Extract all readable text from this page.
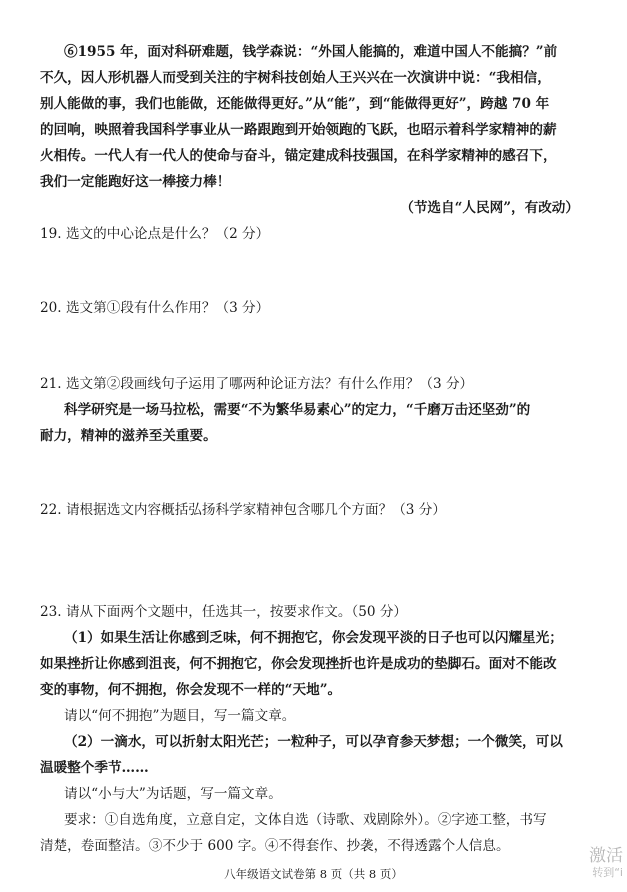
⑥1955 年，面对科研难题，钱学森说：“外国人能搞的，难道中国人不能搞？”前
不久，因人形机器人而受到关注的宇树科技创始人王兴兴在一次演讲中说：“我相信，
别人能做的事，我们也能做，还能做得更好。”从“能”，到“能做得更好”，跨越 70 年
的回响，映照着我国科学事业从一路跟跑到开始领跑的飞跃，也昭示着科学家精神的薪
火相传。一代人有一代人的使命与奋斗，锚定建成科技强国，在科学家精神的感召下，
我们一定能跑好这一棒接力棒！
（节选自“人民网”，有改动）
19. 选文的中心论点是什么？（2 分）
20. 选文第①段有什么作用？（3 分）
21. 选文第②段画线句子运用了哪两种论证方法？有什么作用？（3 分）
科学研究是一场马拉松，需要“不为繁华易素心”的定力，“千磨万击还坚劲”的
耐力，精神的滋养至关重要。
22. 请根据选文内容概括弘扬科学家精神包含哪几个方面？（3 分）
23. 请从下面两个文题中，任选其一，按要求作文。（50 分）
（1）如果生活让你感到乏味，何不拥抱它，你会发现平淡的日子也可以闪耀星光；
如果挫折让你感到沮丧，何不拥抱它，你会发现挫折也许是成功的垫脚石。面对不能改
变的事物，何不拥抱，你会发现不一样的“天地”。
请以“何不拥抱”为题目，写一篇文章。
（2）一滴水，可以折射太阳光芒；一粒种子，可以孕育参天梦想；一个微笑，可以
温暖整个季节……
请以“小与大”为话题，写一篇文章。
要求：①自选角度，立意自定，文体自选（诗歌、戏剧除外）。②字迹工整，书写
清楚，卷面整洁。③不少于 600 字。④不得套作、抄袭，不得透露个人信息。
八年级语文试卷第 8 页（共 8 页）
激活
转到“i
